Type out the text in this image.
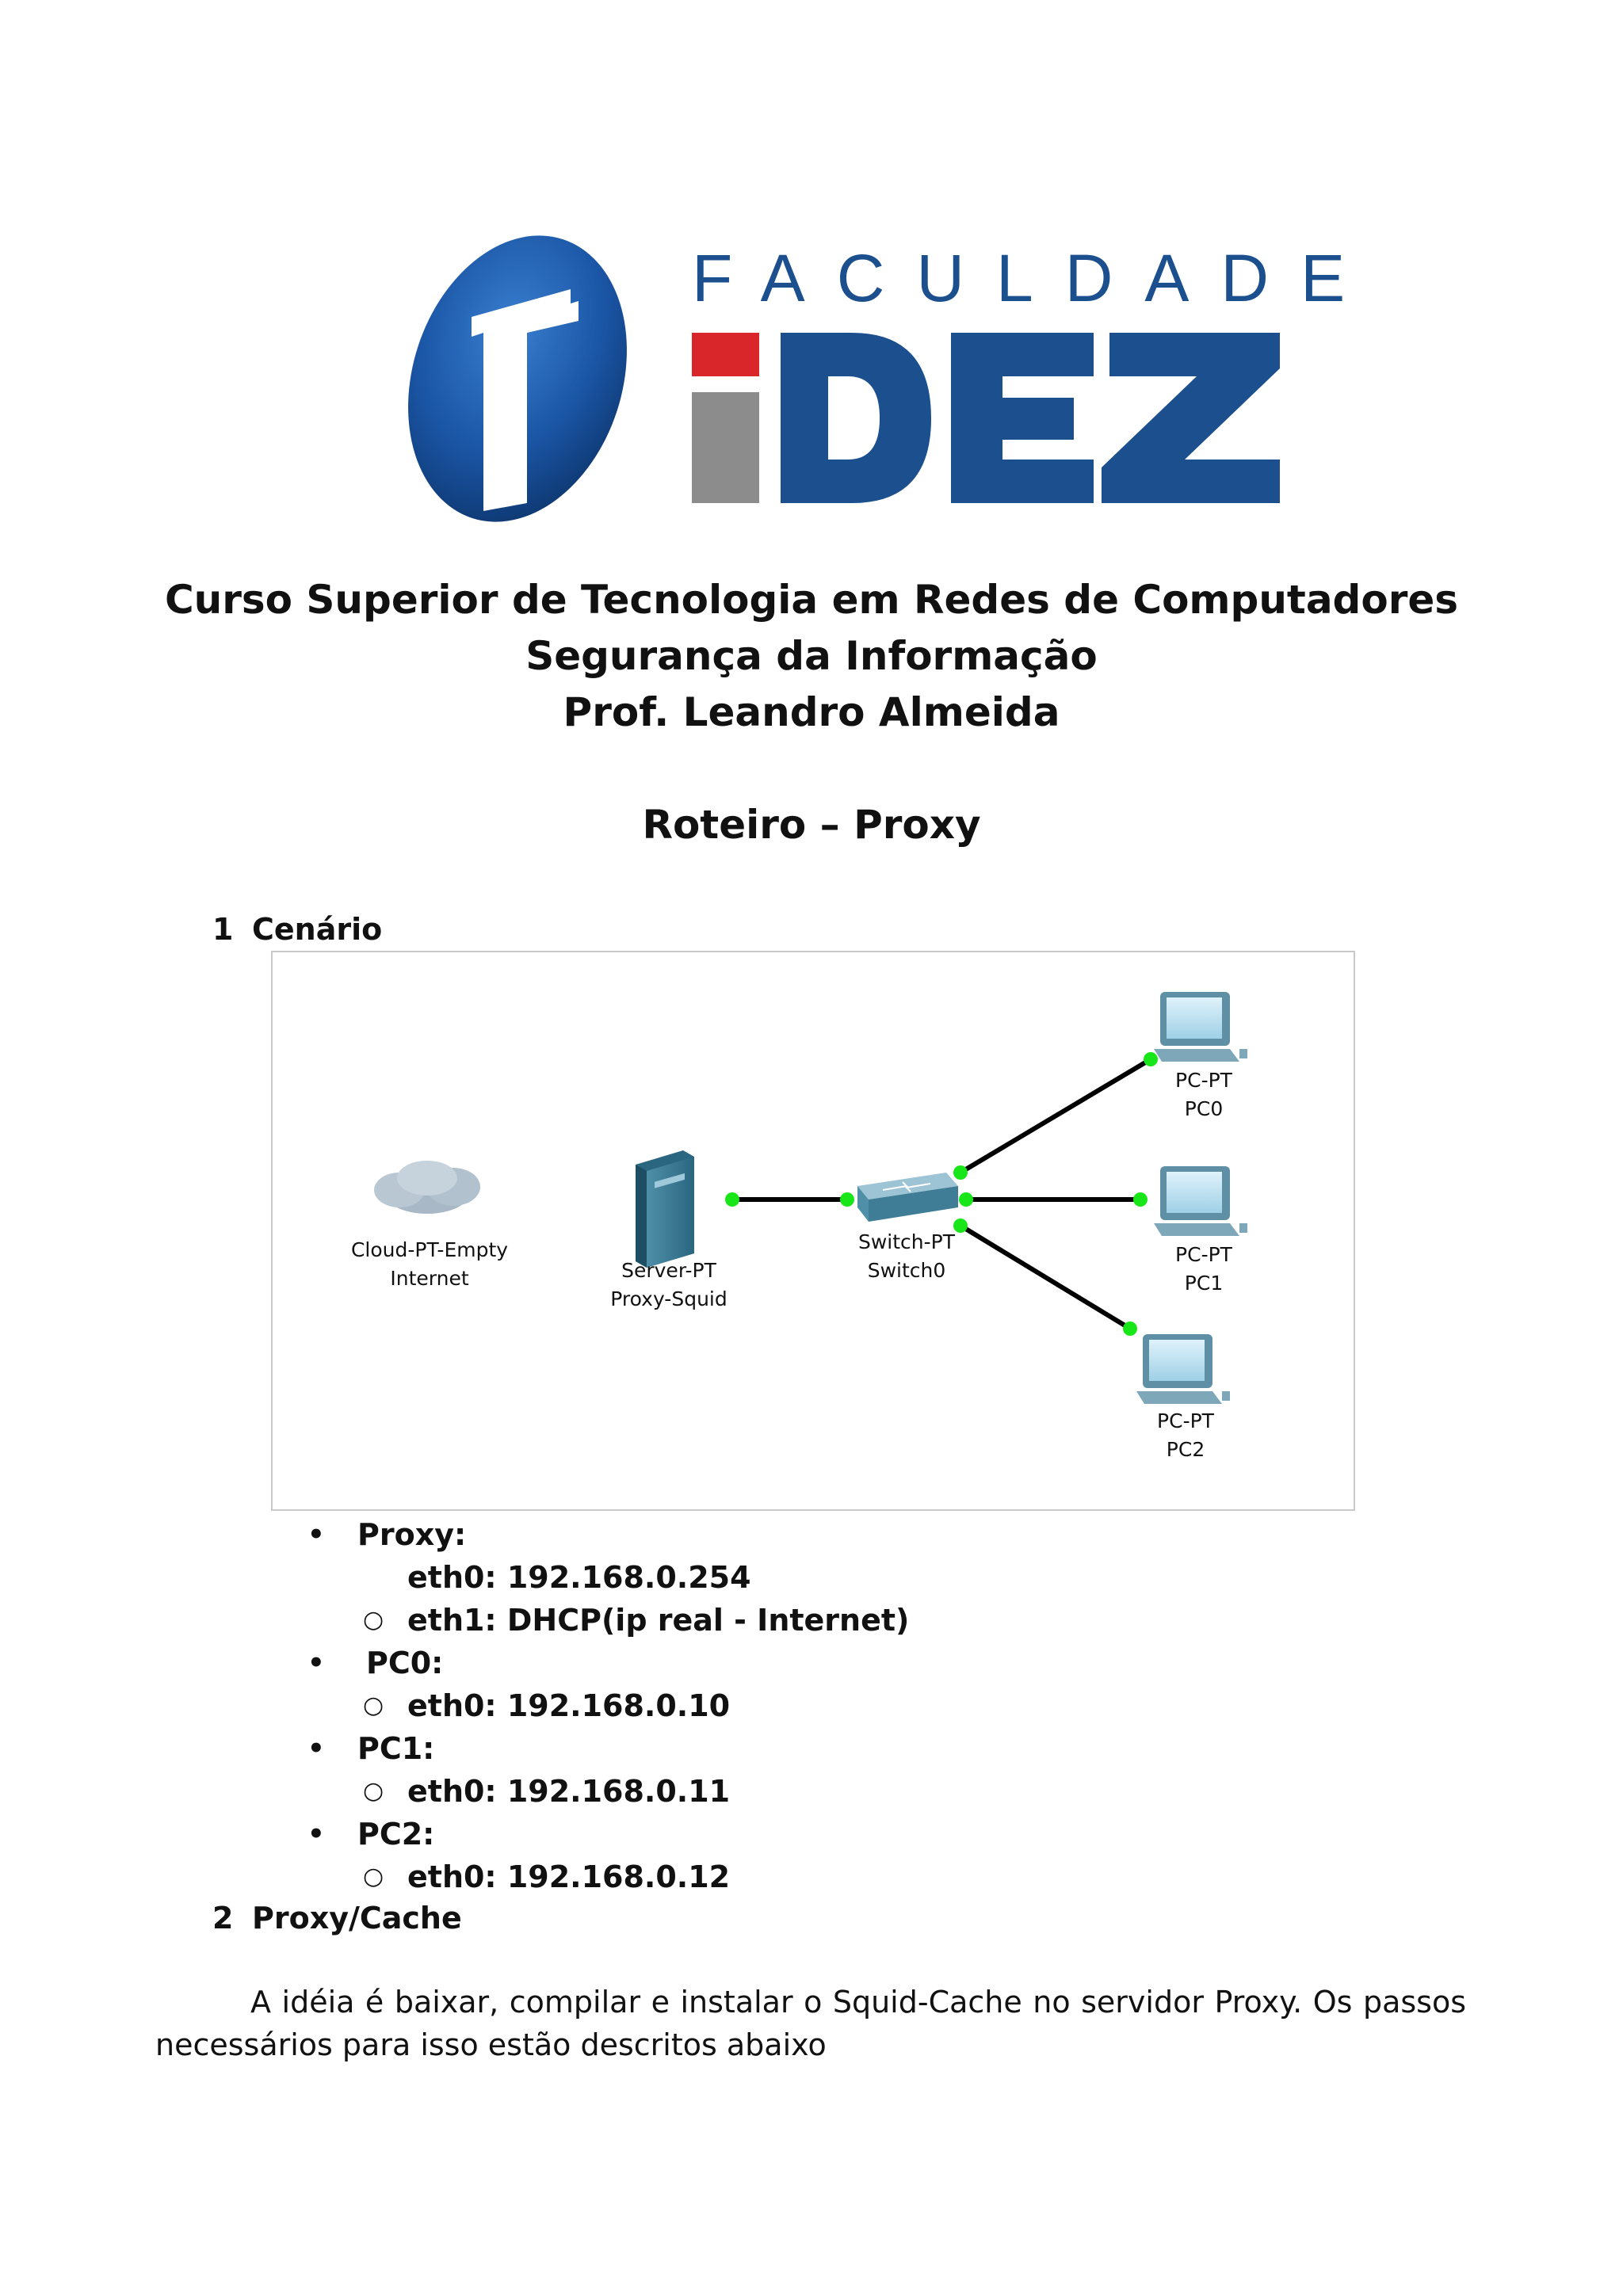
FACULDADE
iDEZ
Curso Superior de Tecnologia em Redes de Computadores
Segurança da Informação
Prof. Leandro Almeida
Roteiro – Proxy
1 Cenário
Cloud-PT-Empty
Internet	Server-PT
Proxy-Squid
Switch-PT
Switch0
PC-PT
PC0
PC-PT
PC1
PC-PT
PC2
• Proxy:
eth0: 192.168.0.254
○ eth1: DHCP(ip real - Internet)
• PC0:
○ eth0: 192.168.0.10
• PC1:
○ eth0: 192.168.0.11
• PC2:
○ eth0: 192.168.0.12
2 Proxy/Cache

A idéia é baixar, compilar e instalar o Squid-Cache no servidor Proxy. Os passos

necessários para isso estão descritos abaixo
